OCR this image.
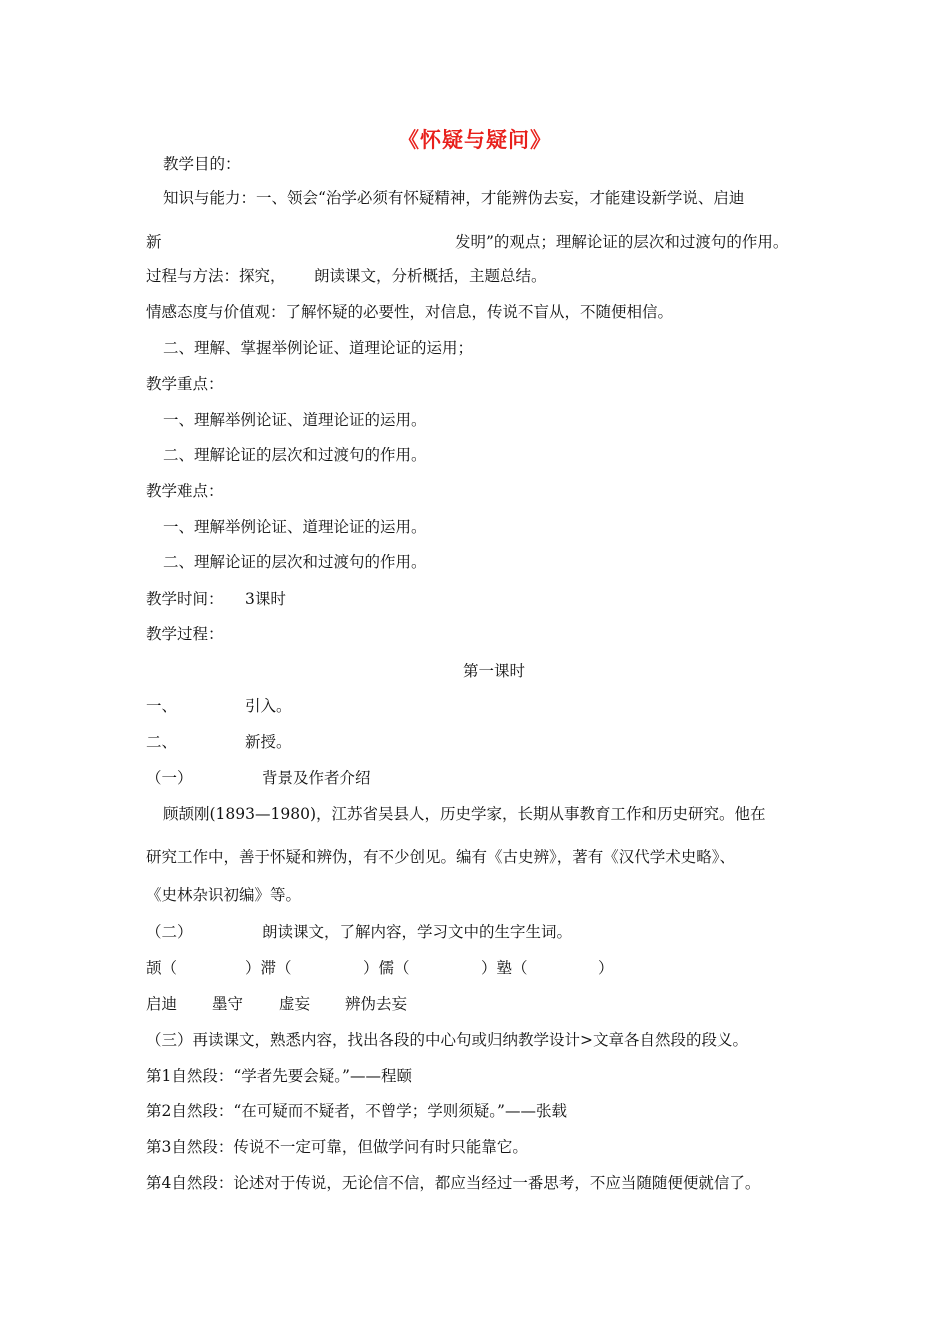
《怀疑与疑问》
教学目的：
知识与能力：一、领会“治学必须有怀疑精神，才能辨伪去妄，才能建设新学说、启迪
新	发明”的观点；理解论证的层次和过渡句的作用。
过程与方法：探究， 朗读课文，分析概括，主题总结。
情感态度与价值观：了解怀疑的必要性，对信息，传说不盲从，不随便相信。
二、理解、掌握举例论证、道理论证的运用；
教学重点：
一、理解举例论证、道理论证的运用。
二、理解论证的层次和过渡句的作用。
教学难点：
一、理解举例论证、道理论证的运用。
二、理解论证的层次和过渡句的作用。
教学时间： 3课时
教学过程：
第一课时
一、	引入。
二、	新授。
（一）	背景及作者介绍
顾颉刚(1893—1980)，江苏省吴县人，历史学家，长期从事教育工作和历史研究。他在
研究工作中，善于怀疑和辨伪，有不少创见。编有《古史辨》，著有《汉代学术史略》、
《史林杂识初编》等。
（二）	朗读课文，了解内容，学习文中的生字生词。
颉（	）滞（	）儒（	）塾（	）
启迪 墨守 虚妄 辨伪去妄
（三）再读课文，熟悉内容，找出各段的中心句或归纳教学设计>文章各自然段的段义。
第1自然段：“学者先要会疑。”——程颐
第2自然段：“在可疑而不疑者，不曾学；学则须疑。”——张载
第3自然段：传说不一定可靠，但做学问有时只能靠它。
第4自然段：论述对于传说，无论信不信，都应当经过一番思考，不应当随随便便就信了。
